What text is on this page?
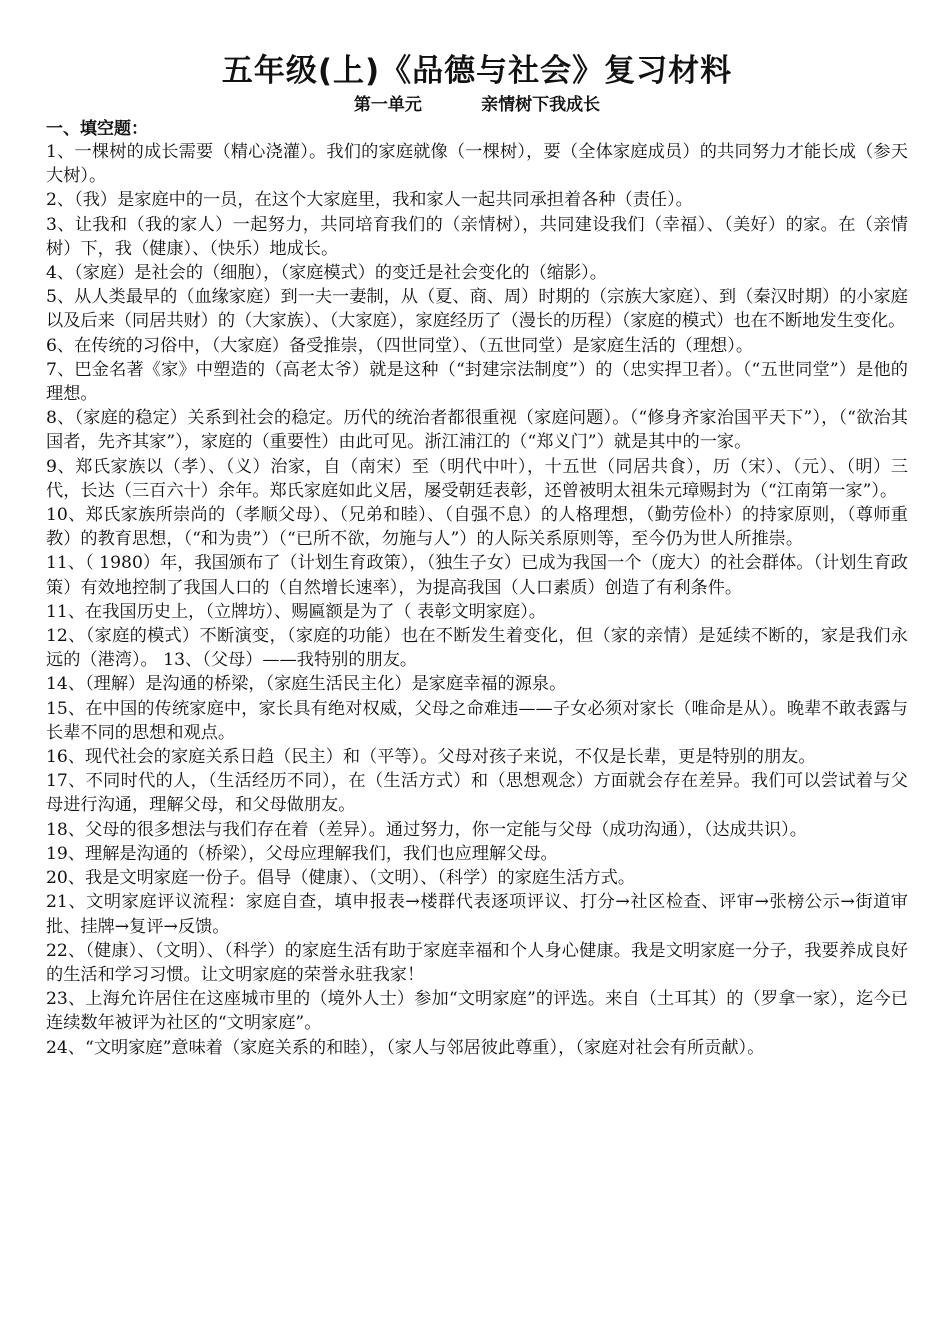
五年级(上)《品德与社会》复习材料
第一单元          亲情树下我成长
一、填空题：
1、一棵树的成长需要（精心浇灌）。我们的家庭就像（一棵树），要（全体家庭成员）的共同努力才能长成（参天大树）。
2、（我）是家庭中的一员，在这个大家庭里，我和家人一起共同承担着各种（责任）。
3、让我和（我的家人）一起努力，共同培育我们的（亲情树），共同建设我们（幸福）、（美好）的家。在（亲情树）下，我（健康）、（快乐）地成长。
4、（家庭）是社会的（细胞），（家庭模式）的变迁是社会变化的（缩影）。
5、从人类最早的（血缘家庭）到一夫一妻制，从（夏、商、周）时期的（宗族大家庭）、到（秦汉时期）的小家庭以及后来（同居共财）的（大家族）、（大家庭），家庭经历了（漫长的历程）（家庭的模式）也在不断地发生变化。
6、在传统的习俗中，（大家庭）备受推崇，（四世同堂）、（五世同堂）是家庭生活的（理想）。
7、巴金名著《家》中塑造的（高老太爷）就是这种（“封建宗法制度”）的（忠实捍卫者）。（“五世同堂”）是他的理想。
8、（家庭的稳定）关系到社会的稳定。历代的统治者都很重视（家庭问题）。（“修身齐家治国平天下”），（“欲治其国者，先齐其家”），家庭的（重要性）由此可见。浙江浦江的（“郑义门”）就是其中的一家。
9、郑氏家族以（孝）、（义）治家，自（南宋）至（明代中叶），十五世（同居共食），历（宋）、（元）、（明）三代，长达（三百六十）余年。郑氏家庭如此义居，屡受朝廷表彰，还曾被明太祖朱元璋赐封为（“江南第一家”）。
10、郑氏家族所崇尚的（孝顺父母）、（兄弟和睦）、（自强不息）的人格理想，（勤劳俭朴）的持家原则，（尊师重教）的教育思想，（“和为贵”）（“已所不欲，勿施与人”）的人际关系原则等，至今仍为世人所推崇。
11、（ 1980）年，我国颁布了（计划生育政策），（独生子女）已成为我国一个（庞大）的社会群体。（计划生育政策）有效地控制了我国人口的（自然增长速率），为提高我国（人口素质）创造了有利条件。
11、在我国历史上，（立牌坊）、赐匾额是为了（ 表彰文明家庭）。
12、（家庭的模式）不断演变，（家庭的功能）也在不断发生着变化，但（家的亲情）是延续不断的，家是我们永远的（港湾）。 13、（父母）——我特别的朋友。
14、（理解）是沟通的桥梁，（家庭生活民主化）是家庭幸福的源泉。
15、在中国的传统家庭中，家长具有绝对权威，父母之命难违——子女必须对家长（唯命是从）。晚辈不敢表露与长辈不同的思想和观点。
16、现代社会的家庭关系日趋（民主）和（平等）。父母对孩子来说，不仅是长辈，更是特别的朋友。
17、不同时代的人，（生活经历不同），在（生活方式）和（思想观念）方面就会存在差异。我们可以尝试着与父母进行沟通，理解父母，和父母做朋友。
18、父母的很多想法与我们存在着（差异）。通过努力，你一定能与父母（成功沟通），（达成共识）。
19、理解是沟通的（桥梁），父母应理解我们，我们也应理解父母。
20、我是文明家庭一份子。倡导（健康）、（文明）、（科学）的家庭生活方式。
21、文明家庭评议流程：家庭自查，填申报表→楼群代表逐项评议、打分→社区检查、评审→张榜公示→街道审批、挂牌→复评→反馈。
22、（健康）、（文明）、（科学）的家庭生活有助于家庭幸福和个人身心健康。我是文明家庭一分子，我要养成良好的生活和学习习惯。让文明家庭的荣誉永驻我家！
23、上海允许居住在这座城市里的（境外人士）参加“文明家庭”的评选。来自（土耳其）的（罗拿一家），迄今已连续数年被评为社区的“文明家庭”。
24、“文明家庭”意味着（家庭关系的和睦），（家人与邻居彼此尊重），（家庭对社会有所贡献）。
